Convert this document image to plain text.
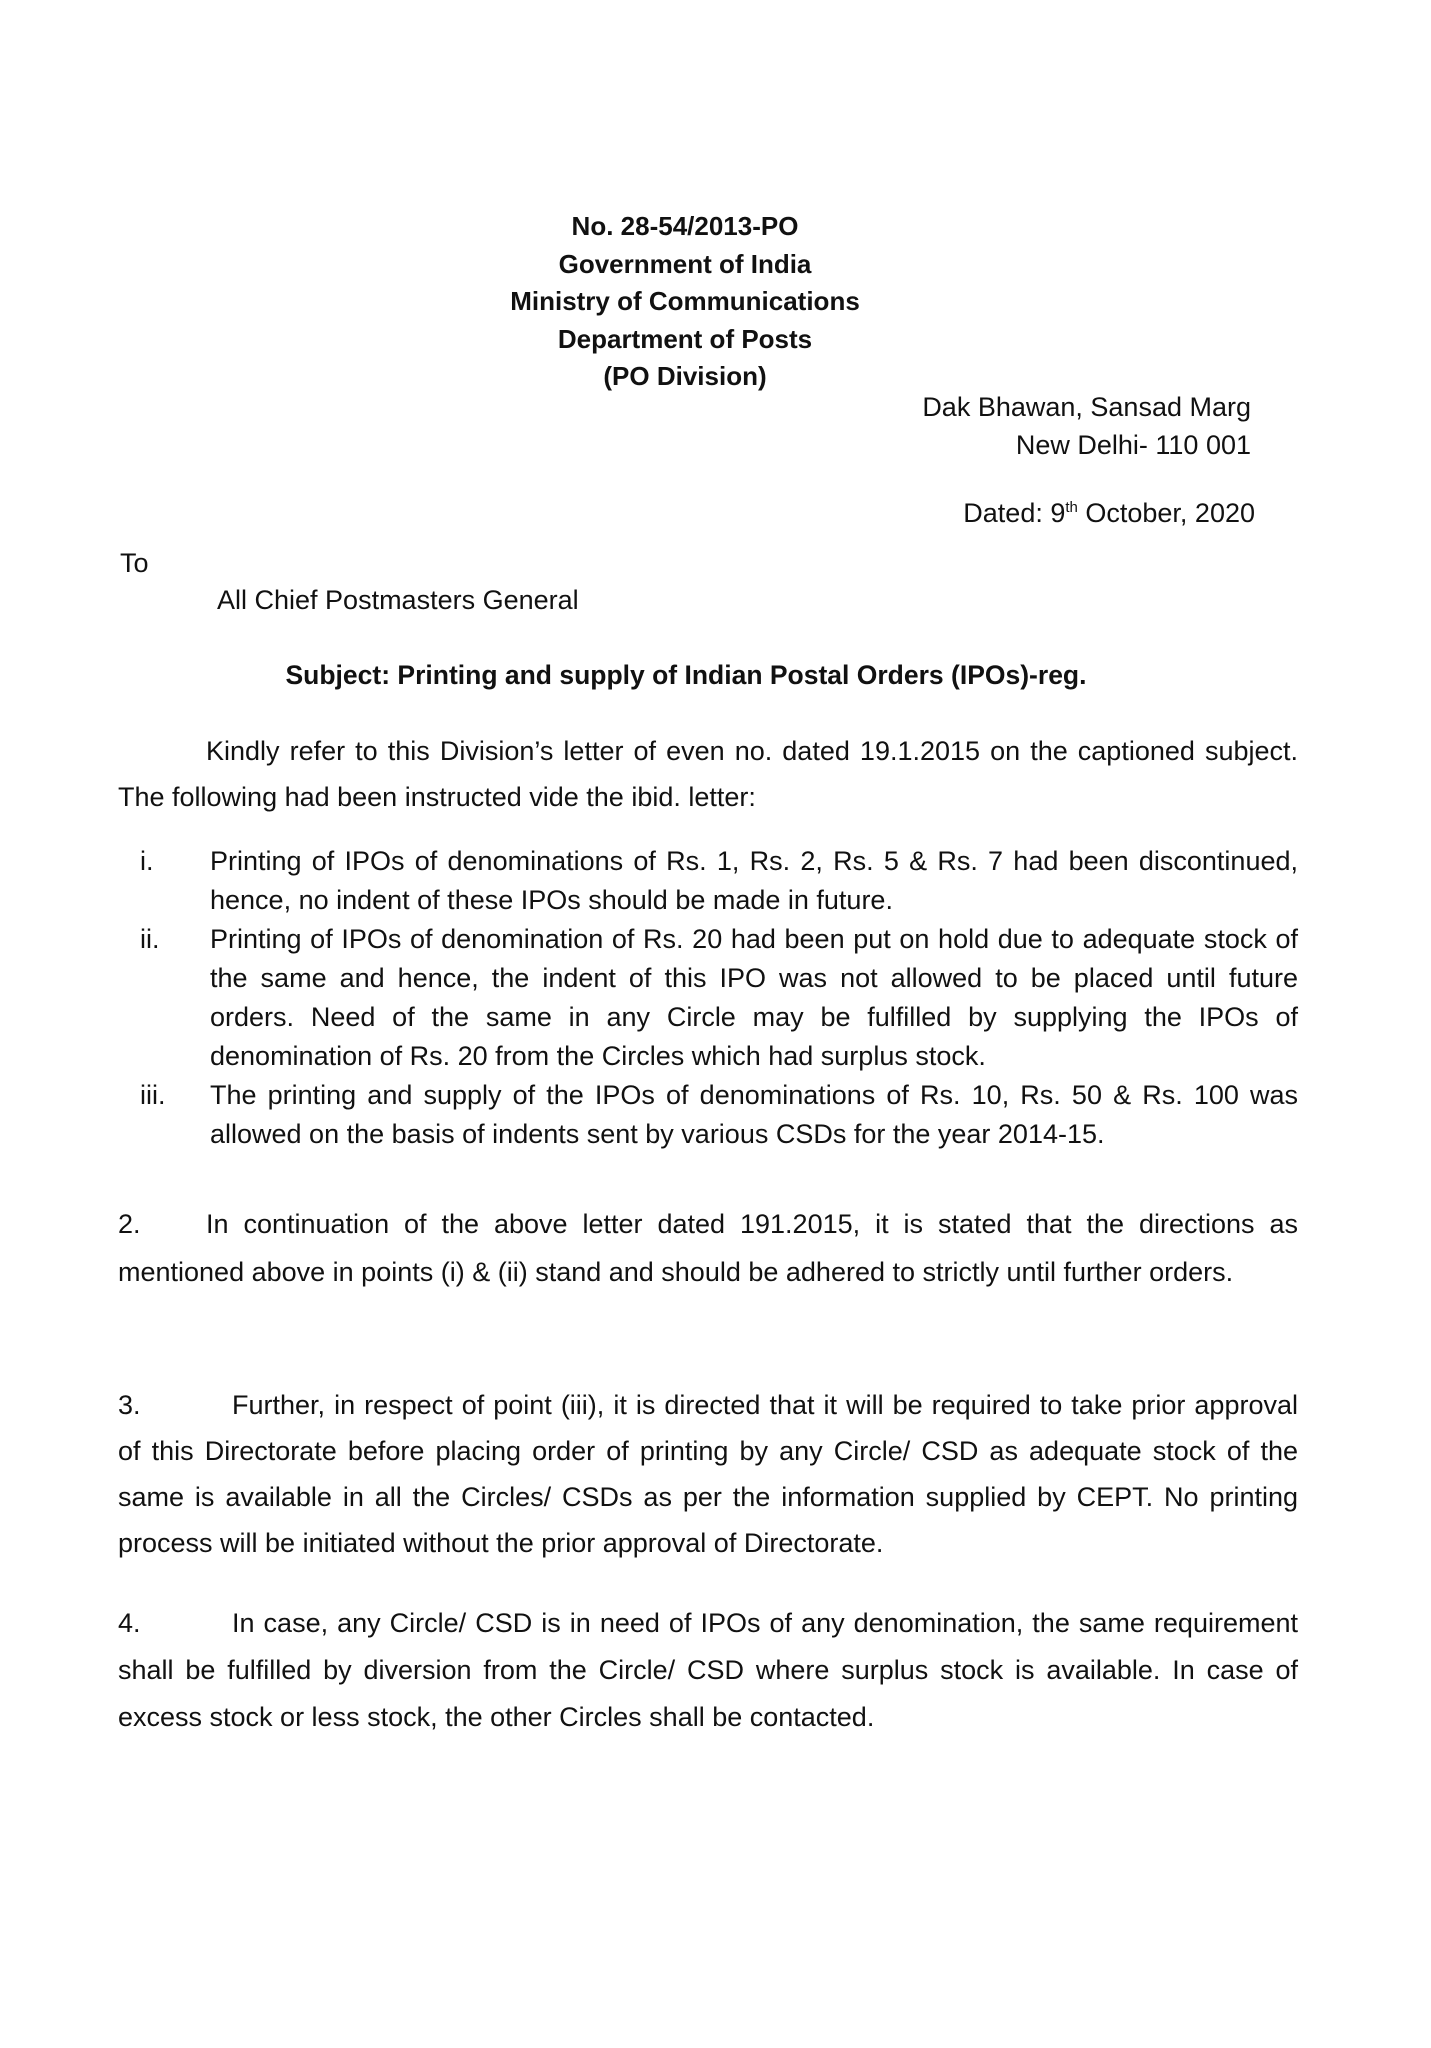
No. 28-54/2013-PO
Government of India
Ministry of Communications
Department of Posts
(PO Division)
Dak Bhawan, Sansad Marg
New Delhi- 110 001
Dated: 9th October, 2020
To
All Chief Postmasters General
Subject: Printing and supply of Indian Postal Orders (IPOs)-reg.
Kindly refer to this Division’s letter of even no. dated 19.1.2015 on the captioned subject. The following had been instructed vide the ibid. letter:
i.	Printing of IPOs of denominations of Rs. 1, Rs. 2, Rs. 5 & Rs. 7 had been discontinued, hence, no indent of these IPOs should be made in future.
ii.	Printing of IPOs of denomination of Rs. 20 had been put on hold due to adequate stock of the same and hence, the indent of this IPO was not allowed to be placed until future orders. Need of the same in any Circle may be fulfilled by supplying the IPOs of denomination of Rs. 20 from the Circles which had surplus stock.
iii.	The printing and supply of the IPOs of denominations of Rs. 10, Rs. 50 & Rs. 100 was allowed on the basis of indents sent by various CSDs for the year 2014-15.
2. In continuation of the above letter dated 191.2015, it is stated that the directions as mentioned above in points (i) & (ii) stand and should be adhered to strictly until further orders.
3.	Further, in respect of point (iii), it is directed that it will be required to take prior approval of this Directorate before placing order of printing by any Circle/ CSD as adequate stock of the same is available in all the Circles/ CSDs as per the information supplied by CEPT. No printing process will be initiated without the prior approval of Directorate.
4.	In case, any Circle/ CSD is in need of IPOs of any denomination, the same requirement shall be fulfilled by diversion from the Circle/ CSD where surplus stock is available. In case of excess stock or less stock, the other Circles shall be contacted.
